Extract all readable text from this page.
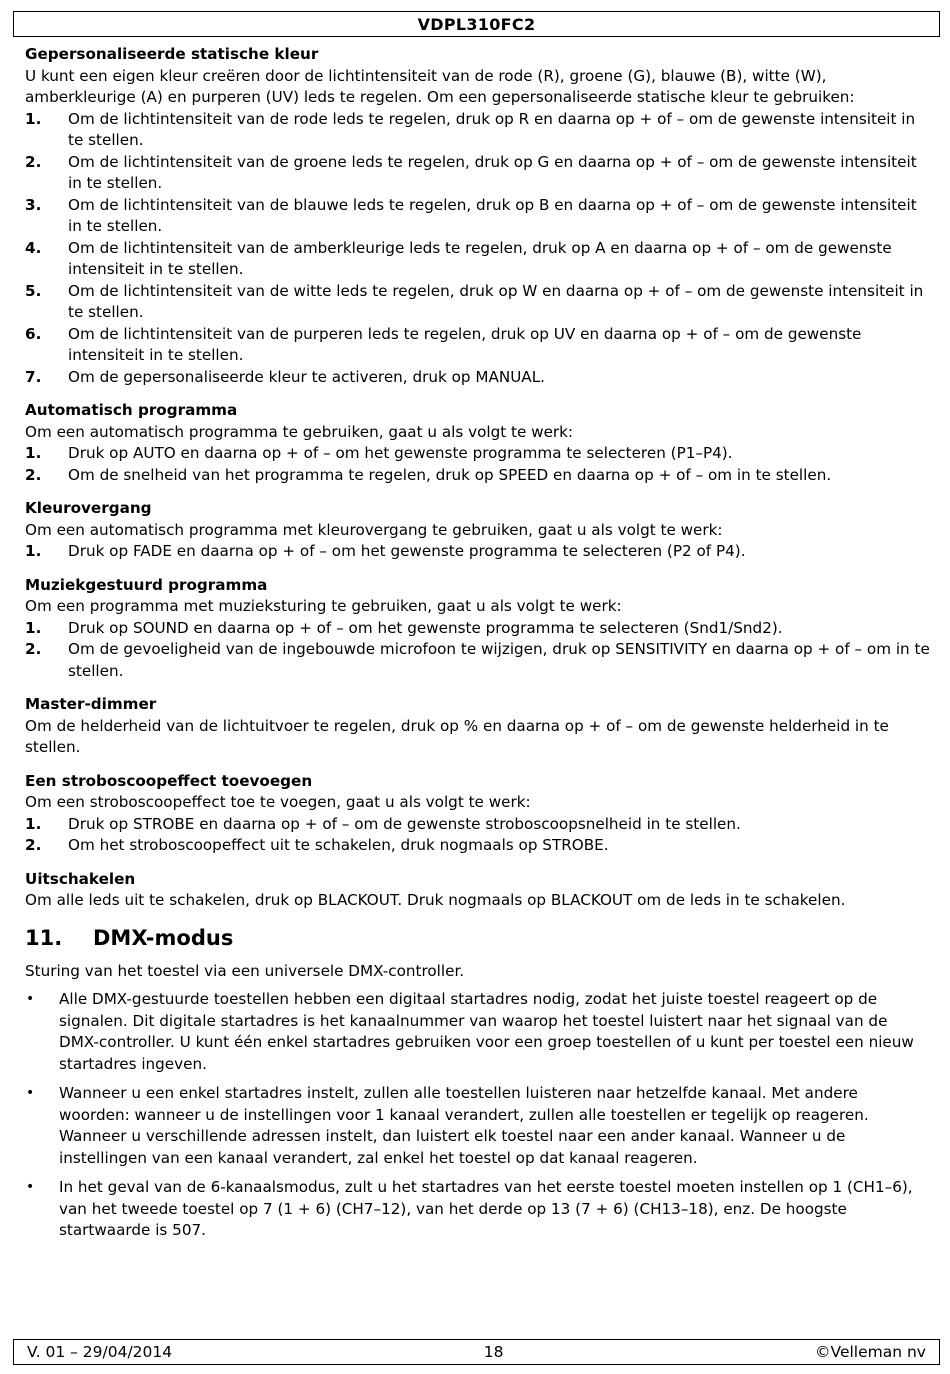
VDPL310FC2
Gepersonaliseerde statische kleur

U kunt een eigen kleur creëren door de lichtintensiteit van de rode (R), groene (G), blauwe (B), witte (W), amberkleurige (A) en purperen (UV) leds te regelen. Om een gepersonaliseerde statische kleur te gebruiken:

1. Om de lichtintensiteit van de rode leds te regelen, druk op R en daarna op + of – om de gewenste intensiteit in te stellen.
2. Om de lichtintensiteit van de groene leds te regelen, druk op G en daarna op + of – om de gewenste intensiteit in te stellen.
3. Om de lichtintensiteit van de blauwe leds te regelen, druk op B en daarna op + of – om de gewenste intensiteit in te stellen.
4. Om de lichtintensiteit van de amberkleurige leds te regelen, druk op A en daarna op + of – om de gewenste intensiteit in te stellen.
5. Om de lichtintensiteit van de witte leds te regelen, druk op W en daarna op + of – om de gewenste intensiteit in te stellen.
6. Om de lichtintensiteit van de purperen leds te regelen, druk op UV en daarna op + of – om de gewenste intensiteit in te stellen.
7. Om de gepersonaliseerde kleur te activeren, druk op MANUAL.
Automatisch programma

Om een automatisch programma te gebruiken, gaat u als volgt te werk:

1. Druk op AUTO en daarna op + of – om het gewenste programma te selecteren (P1–P4).
2. Om de snelheid van het programma te regelen, druk op SPEED en daarna op + of – om in te stellen.
Kleurovergang

Om een automatisch programma met kleurovergang te gebruiken, gaat u als volgt te werk:

1. Druk op FADE en daarna op + of – om het gewenste programma te selecteren (P2 of P4).
Muziekgestuurd programma

Om een programma met muzieksturing te gebruiken, gaat u als volgt te werk:

1. Druk op SOUND en daarna op + of – om het gewenste programma te selecteren (Snd1/Snd2).
2. Om de gevoeligheid van de ingebouwde microfoon te wijzigen, druk op SENSITIVITY en daarna op + of – om in te stellen.
Master-dimmer

Om de helderheid van de lichtuitvoer te regelen, druk op % en daarna op + of – om de gewenste helderheid in te stellen.

Een stroboscoopeffect toevoegen

Om een stroboscoopeffect toe te voegen, gaat u als volgt te werk:

1. Druk op STROBE en daarna op + of – om de gewenste stroboscoopsnelheid in te stellen.
2. Om het stroboscoopeffect uit te schakelen, druk nogmaals op STROBE.
Uitschakelen

Om alle leds uit te schakelen, druk op BLACKOUT. Druk nogmaals op BLACKOUT om de leds in te schakelen.

11.	DMX-modus

Sturing van het toestel via een universele DMX-controller.

• Alle DMX-gestuurde toestellen hebben een digitaal startadres nodig, zodat het juiste toestel reageert op de signalen. Dit digitale startadres is het kanaalnummer van waarop het toestel luistert naar het signaal van de DMX-controller. U kunt één enkel startadres gebruiken voor een groep toestellen of u kunt per toestel een nieuw startadres ingeven.
• Wanneer u een enkel startadres instelt, zullen alle toestellen luisteren naar hetzelfde kanaal. Met andere woorden: wanneer u de instellingen voor 1 kanaal verandert, zullen alle toestellen er tegelijk op reageren. Wanneer u verschillende adressen instelt, dan luistert elk toestel naar een ander kanaal. Wanneer u de instellingen van een kanaal verandert, zal enkel het toestel op dat kanaal reageren.
• In het geval van de 6-kanaalsmodus, zult u het startadres van het eerste toestel moeten instellen op 1 (CH1–6), van het tweede toestel op 7 (1 + 6) (CH7–12), van het derde op 13 (7 + 6) (CH13–18), enz. De hoogste startwaarde is 507.
V. 01 – 29/04/2014	18	©Velleman nv
